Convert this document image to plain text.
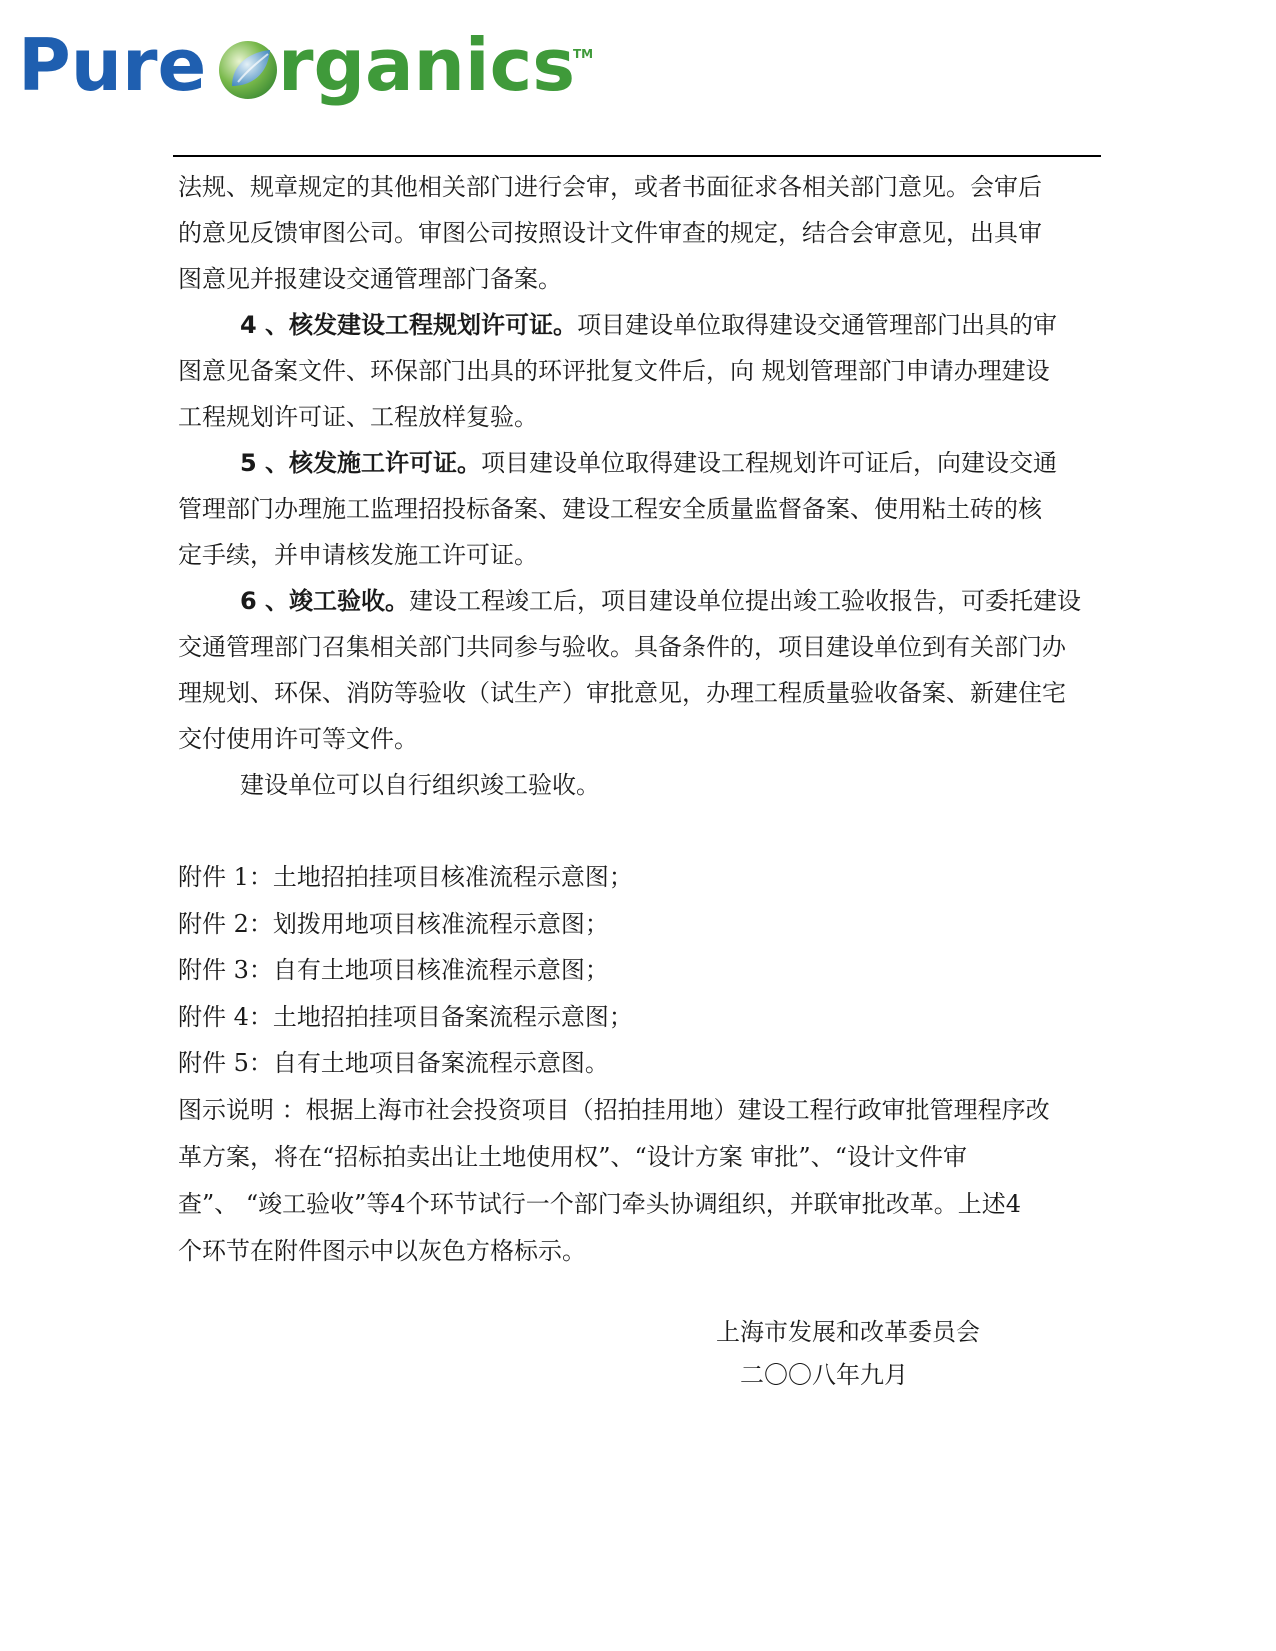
Pure rganics
TM

法规、规章规定的其他相关部门进行会审，或者书面征求各相关部门意见。会审后

的意见反馈审图公司。审图公司按照设计文件审查的规定，结合会审意见，出具审

图意见并报建设交通管理部门备案。

4 、核发建设工程规划许可证。项目建设单位取得建设交通管理部门出具的审

图意见备案文件、环保部门出具的环评批复文件后，向 规划管理部门申请办理建设

工程规划许可证、工程放样复验。

5 、核发施工许可证。项目建设单位取得建设工程规划许可证后，向建设交通

管理部门办理施工监理招投标备案、建设工程安全质量监督备案、使用粘土砖的核

定手续，并申请核发施工许可证。

6 、竣工验收。建设工程竣工后，项目建设单位提出竣工验收报告，可委托建设

交通管理部门召集相关部门共同参与验收。具备条件的，项目建设单位到有关部门办

理规划、环保、消防等验收（试生产）审批意见，办理工程质量验收备案、新建住宅

交付使用许可等文件。

建设单位可以自行组织竣工验收。

附件 1：土地招拍挂项目核准流程示意图；

附件 2：划拨用地项目核准流程示意图；

附件 3：自有土地项目核准流程示意图；

附件 4：土地招拍挂项目备案流程示意图；

附件 5：自有土地项目备案流程示意图。

图示说明 ：根据上海市社会投资项目（招拍挂用地）建设工程行政审批管理程序改

革方案，将在“招标拍卖出让土地使用权”、“设计方案 审批”、“设计文件审

查”、 “竣工验收”等4个环节试行一个部门牵头协调组织，并联审批改革。上述4

个环节在附件图示中以灰色方格标示。

上海市发展和改革委员会
二〇〇八年九月
